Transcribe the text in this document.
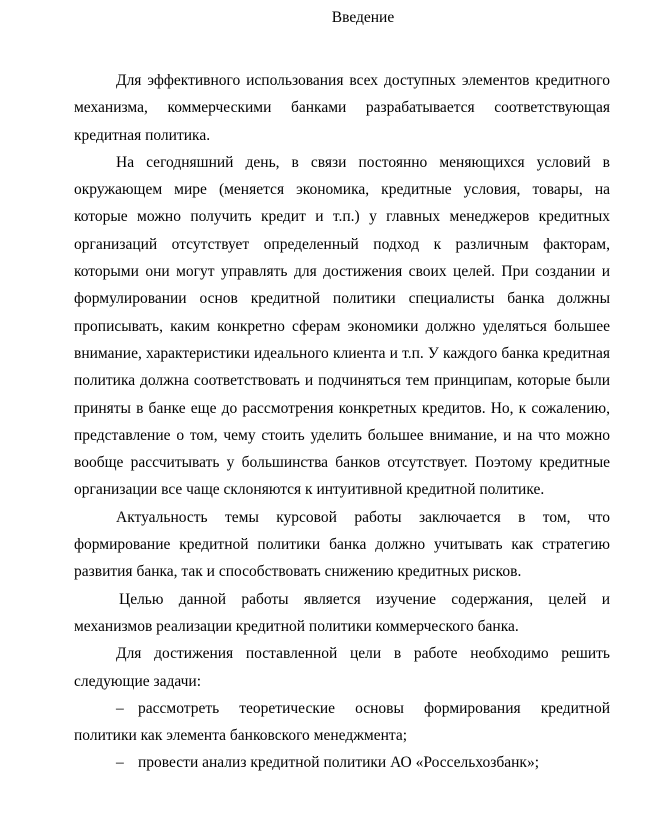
Введение

Для эффективного использования всех доступных элементов кредитного механизма, коммерческими банками разрабатывается соответствующая кредитная политика.

На сегодняшний день, в связи постоянно меняющихся условий в окружающем мире (меняется экономика, кредитные условия, товары, на которые можно получить кредит и т.п.) у главных менеджеров кредитных организаций отсутствует определенный подход к различным факторам, которыми они могут управлять для достижения своих целей. При создании и формулировании основ кредитной политики специалисты банка должны прописывать, каким конкретно сферам экономики должно уделяться большее внимание, характеристики идеального клиента и т.п. У каждого банка кредитная политика должна соответствовать и подчиняться тем принципам, которые были приняты в банке еще до рассмотрения конкретных кредитов. Но, к сожалению, представление о том, чему стоить уделить большее внимание, и на что можно вообще рассчитывать у большинства банков отсутствует. Поэтому кредитные организации все чаще склоняются к интуитивной кредитной политике.

Актуальность темы курсовой работы заключается в том, что формирование кредитной политики банка должно учитывать как стратегию развития банка, так и способствовать снижению кредитных рисков.

Целью данной работы является изучение содержания, целей и механизмов реализации кредитной политики коммерческого банка.

Для достижения поставленной цели в работе необходимо решить следующие задачи:

– рассмотреть теоретические основы формирования кредитной политики как элемента банковского менеджмента;

– провести анализ кредитной политики АО «Россельхозбанк»;
